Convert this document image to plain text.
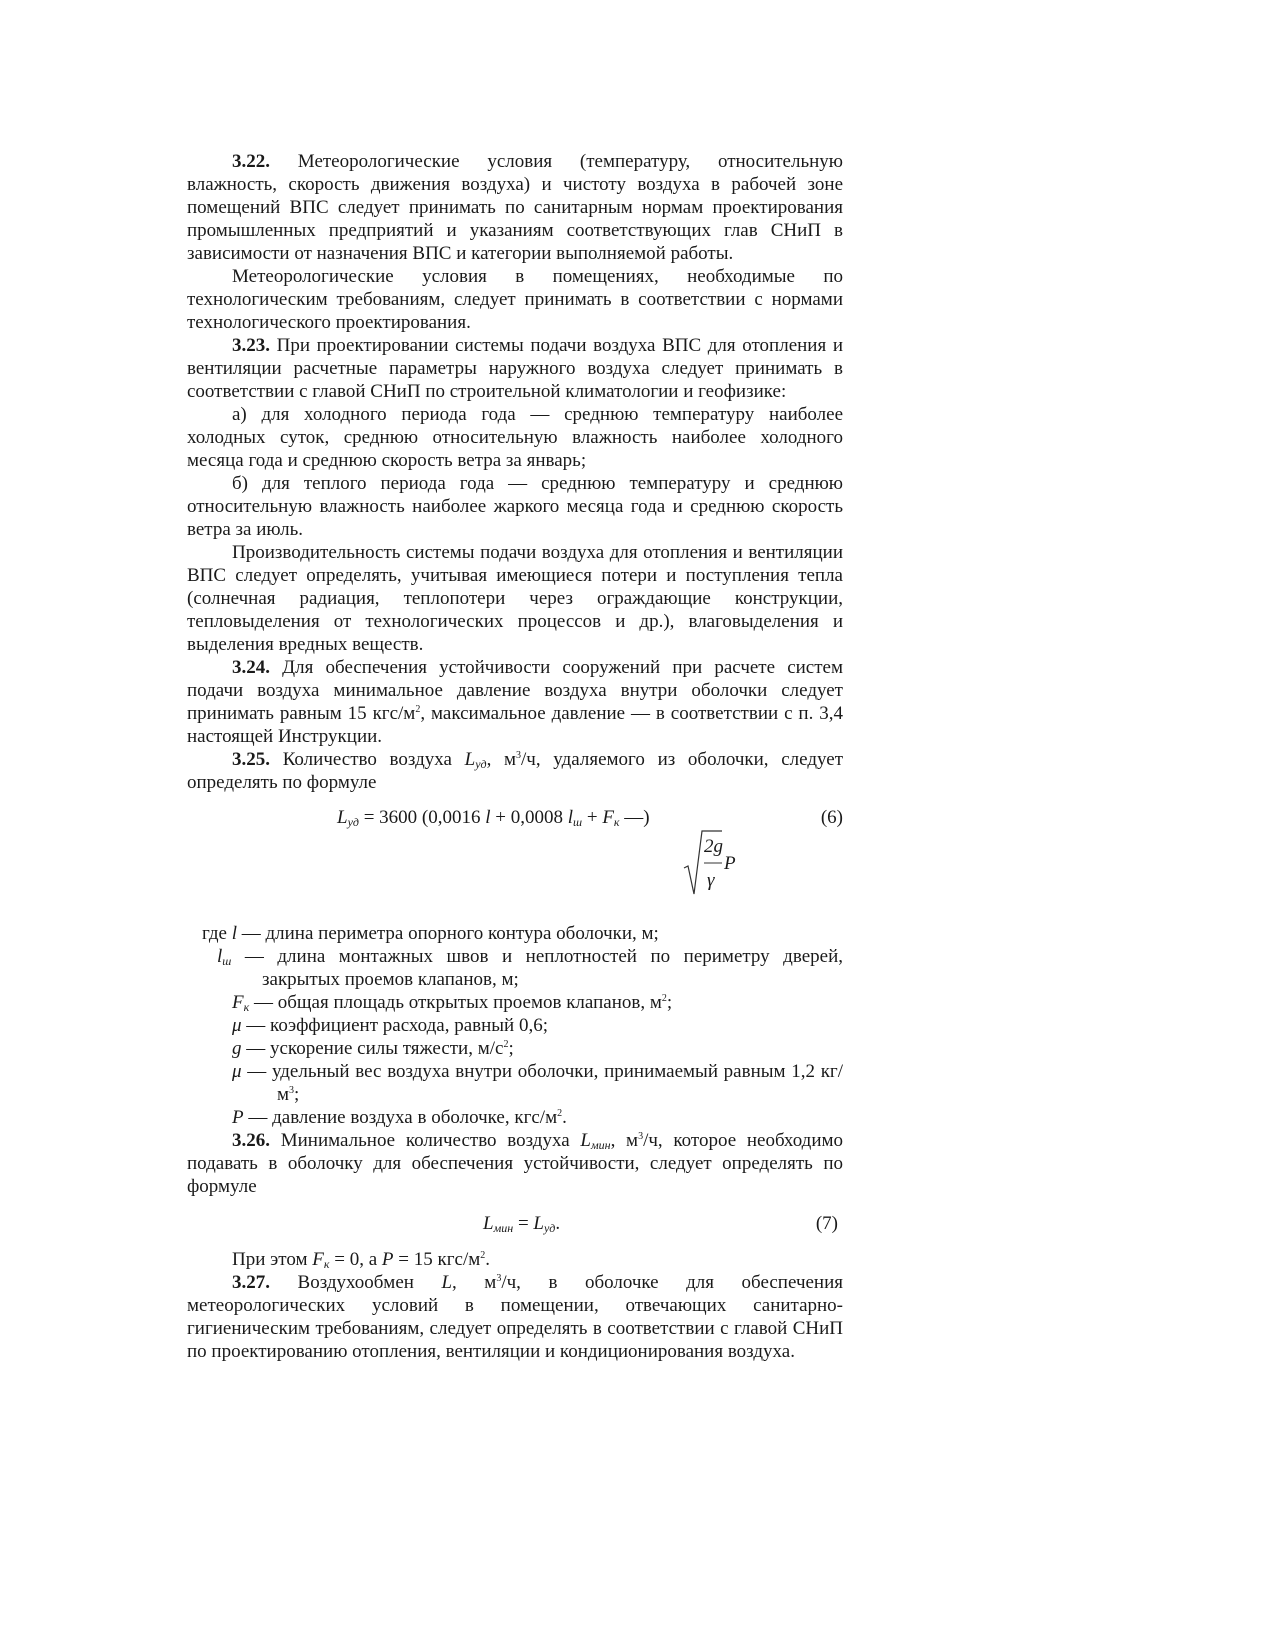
3.22. Метеорологические условия (температуру, относительную влажность, скорость движения воздуха) и чистоту воздуха в рабочей зоне помещений ВПС следует принимать по санитарным нормам проектирования промышленных предприятий и указаниям соответствующих глав СНиП в зависимости от назначения ВПС и категории выполняемой работы.

Метеорологические условия в помещениях, необходимые по технологическим требованиям, следует принимать в соответствии с нормами технологического проектирования.

3.23. При проектировании системы подачи воздуха ВПС для отопления и вентиляции расчетные параметры наружного воздуха следует принимать в соответствии с главой СНиП по строительной климатологии и геофизике:

а) для холодного периода года — среднюю температуру наиболее холодных суток, среднюю относительную влажность наиболее холодного месяца года и среднюю скорость ветра за январь;

б) для теплого периода года — среднюю температуру и среднюю относительную влажность наиболее жаркого месяца года и среднюю скорость ветра за июль.

Производительность системы подачи воздуха для отопления и вентиляции ВПС следует определять, учитывая имеющиеся потери и поступления тепла (солнечная радиация, теплопотери через ограждающие конструкции, тепловыделения от технологических процессов и др.), влаговыделения и выделения вредных веществ.

3.24. Для обеспечения устойчивости сооружений при расчете систем подачи воздуха минимальное давление воздуха внутри оболочки следует принимать равным 15 кгс/$м^2$, максимальное давление — в соответствии с п. 3,4 настоящей Инструкции.

3.25. Количество воздуха $L_{уд}$, $м^3/ч$, удаляемого из оболочки, следует определять по формуле

$L_{уд} = 3600$ (0,0016 l + 0,0008 $l_ш + F_к$ —)	(6)
2g
γ
P
где l — длина периметра опорного контура оболочки, м;
$l_ш$ — длина монтажных швов и неплотностей по периметру дверей, закрытых проемов клапанов, м;
$F_к$ — общая площадь открытых проемов клапанов, $м^2$;
μ — коэффициент расхода, равный 0,6;
g — ускорение силы тяжести, $м/с^2$;
μ — удельный вес воздуха внутри оболочки, принимаемый равным 1,2 $кг/м^3$;
P — давление воздуха в оболочке, кгс/$м^2$.

3.26. Минимальное количество воздуха $L_{мин}$, $м^3/ч$, которое необходимо подавать в оболочку для обеспечения устойчивости, следует определять по формуле

$L_{мин} = L_{уд}$.	(7)

При этом $F_к = 0$, а P = 15 кгс/$м^2$.

3.27. Воздухообмен L, $м^3/ч$, в оболочке для обеспечения метеорологических условий в помещении, отвечающих санитарно-гигиеническим требованиям, следует определять в соответствии с главой СНиП по проектированию отопления, вентиляции и кондиционирования воздуха.
